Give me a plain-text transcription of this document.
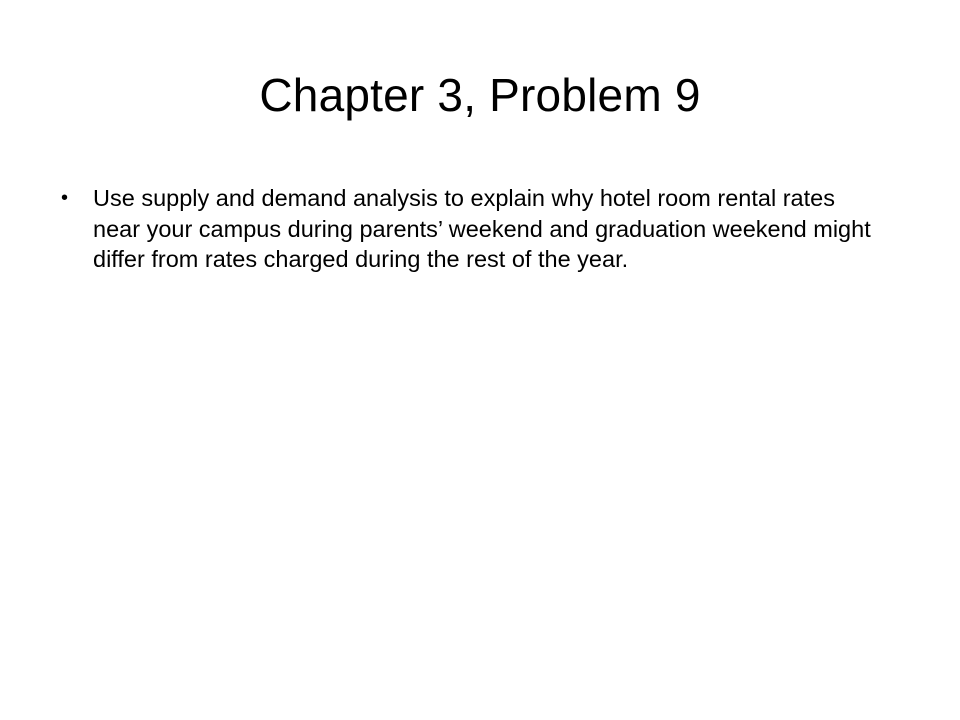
Chapter 3, Problem 9
• Use supply and demand analysis to explain why hotel room rental rates near your campus during parents’ weekend and graduation weekend might differ from rates charged during the rest of the year.
